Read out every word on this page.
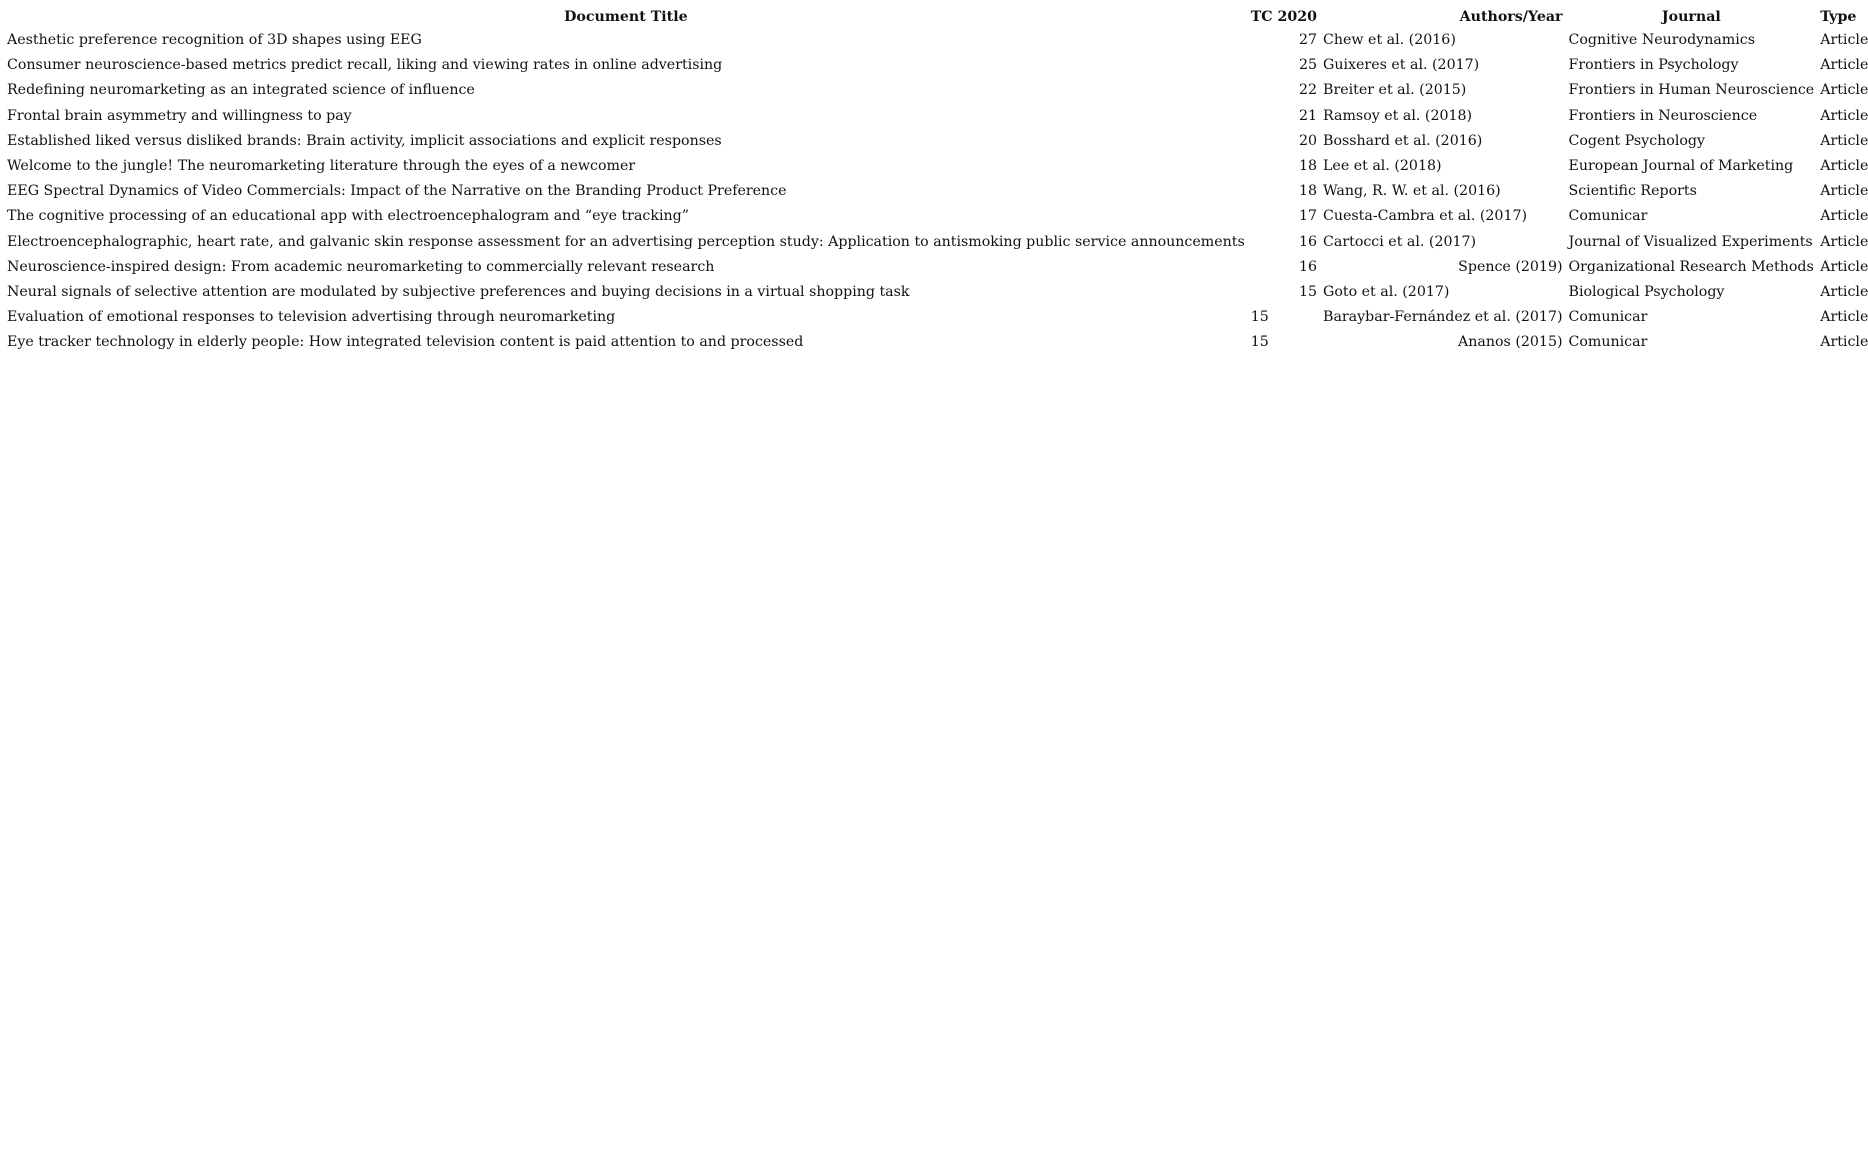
Document Title	TC 2020	Authors/Year	Journal	Type
Aesthetic preference recognition of 3D shapes using EEG	27	Chew et al. (2016)	Cognitive Neurodynamics	Article
Consumer neuroscience-based metrics predict recall, liking and viewing rates in online advertising	25	Guixeres et al. (2017)	Frontiers in Psychology	Article
Redefining neuromarketing as an integrated science of influence	22	Breiter et al. (2015)	Frontiers in Human Neuroscience	Article
Frontal brain asymmetry and willingness to pay	21	Ramsoy et al. (2018)	Frontiers in Neuroscience	Article
Established liked versus disliked brands: Brain activity, implicit associations and explicit responses	20	Bosshard et al. (2016)	Cogent Psychology	Article
Welcome to the jungle! The neuromarketing literature through the eyes of a newcomer	18	Lee et al. (2018)	European Journal of Marketing	Article
EEG Spectral Dynamics of Video Commercials: Impact of the Narrative on the Branding Product Preference	18	Wang, R. W. et al. (2016)	Scientific Reports	Article
The cognitive processing of an educational app with electroencephalogram and “eye tracking”	17	Cuesta-Cambra et al. (2017)	Comunicar	Article
Electroencephalographic, heart rate, and galvanic skin response assessment for an advertising perception study: Application to antismoking public service announcements	16	Cartocci et al. (2017)	Journal of Visualized Experiments	Article
Neuroscience-inspired design: From academic neuromarketing to commercially relevant research	16	Spence (2019)	Organizational Research Methods	Article
Neural signals of selective attention are modulated by subjective preferences and buying decisions in a virtual shopping task	15	Goto et al. (2017)	Biological Psychology	Article
Evaluation of emotional responses to television advertising through neuromarketing	15	Baraybar-Fernández et al. (2017)	Comunicar	Article
Eye tracker technology in elderly people: How integrated television content is paid attention to and processed	15	Ananos (2015)	Comunicar	Article
